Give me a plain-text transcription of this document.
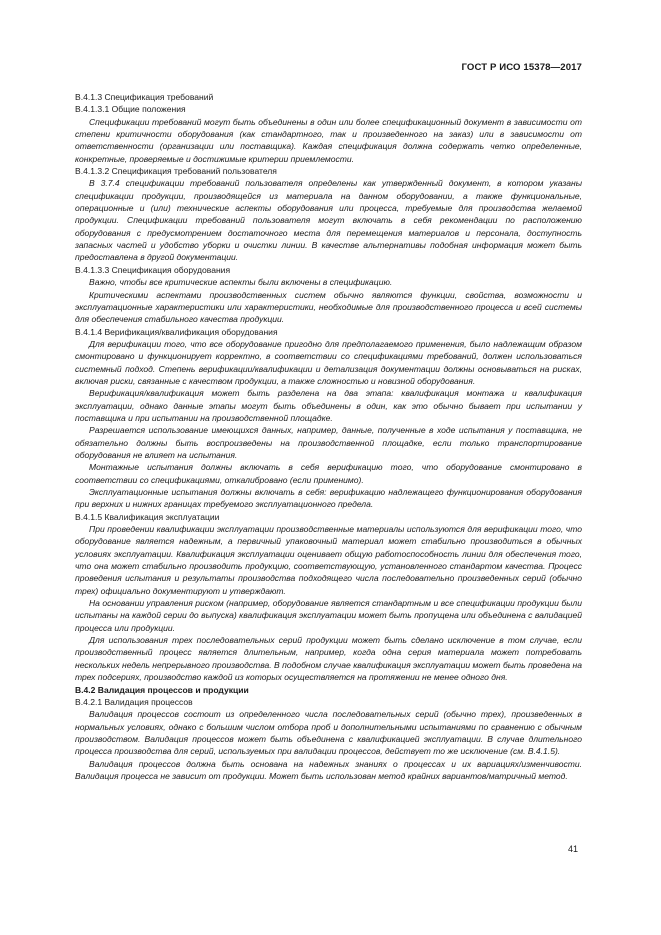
ГОСТ Р ИСО 15378—2017
В.4.1.3 Спецификация требований
В.4.1.3.1 Общие положения

Спецификации требований могут быть объединены в один или более спецификационный документ в зависимости от степени критичности оборудования (как стандартного, так и произведенного на заказ) или в зависимости от ответственности (организации или поставщика). Каждая спецификация должна содержать четко определенные, конкретные, проверяемые и достижимые критерии приемлемости.

В.4.1.3.2 Спецификация требований пользователя

В 3.7.4 спецификации требований пользователя определены как утвержденный документ, в котором указаны спецификации продукции, производящейся из материала на данном оборудовании, а также функциональные, операционные и (или) технические аспекты оборудования или процесса, требуемые для производства желаемой продукции. Спецификации требований пользователя могут включать в себя рекомендации по расположению оборудования с предусмотрением достаточного места для перемещения материалов и персонала, доступность запасных частей и удобство уборки и очистки линии. В качестве альтернативы подобная информация может быть предоставлена в другой документации.

В.4.1.3.3 Спецификация оборудования

Важно, чтобы все критические аспекты были включены в спецификацию.

Критическими аспектами производственных систем обычно являются функции, свойства, возможности и эксплуатационные характеристики или характеристики, необходимые для производственного процесса и всей системы для обеспечения стабильного качества продукции.

В.4.1.4 Верификация/квалификация оборудования

Для верификации того, что все оборудование пригодно для предполагаемого применения, было надлежащим образом смонтировано и функционирует корректно, в соответствии со спецификациями требований, должен использоваться системный подход. Степень верификации/квалификации и детализация документации должны основываться на рисках, включая риски, связанные с качеством продукции, а также сложностью и новизной оборудования.

Верификация/квалификация может быть разделена на два этапа: квалификация монтажа и квалификация эксплуатации, однако данные этапы могут быть объединены в один, как это обычно бывает при испытании у поставщика и при испытании на производственной площадке.

Разрешается использование имеющихся данных, например, данные, полученные в ходе испытания у поставщика, не обязательно должны быть воспроизведены на производственной площадке, если только транспортирование оборудования не влияет на испытания.

Монтажные испытания должны включать в себя верификацию того, что оборудование смонтировано в соответствии со спецификациями, откалибровано (если применимо).

Эксплуатационные испытания должны включать в себя: верификацию надлежащего функционирования оборудования при верхних и нижних границах требуемого эксплуатационного предела.

В.4.1.5 Квалификация эксплуатации

При проведении квалификации эксплуатации производственные материалы используются для верификации того, что оборудование является надежным, а первичный упаковочный материал может стабильно производиться в обычных условиях эксплуатации. Квалификация эксплуатации оценивает общую работоспособность линии для обеспечения того, что она может стабильно производить продукцию, соответствующую, установленного стандартом качества. Процесс проведения испытания и результаты производства подходящего числа последовательно произведенных серий (обычно трех) официально документируют и утверждают.

На основании управления риском (например, оборудование является стандартным и все спецификации продукции были испытаны на каждой серии до выпуска) квалификация эксплуатации может быть пропущена или объединена с валидацией процесса или продукции.

Для использования трех последовательных серий продукции может быть сделано исключение в том случае, если производственный процесс является длительным, например, когда одна серия материала может потребовать нескольких недель непрерывного производства. В подобном случае квалификация эксплуатации может быть проведена на трех подсериях, производство каждой из которых осуществляется на протяжении не менее одного дня.

В.4.2 Валидация процессов и продукции
В.4.2.1 Валидация процессов

Валидация процессов состоит из определенного числа последовательных серий (обычно трех), произведенных в нормальных условиях, однако с большим числом отбора проб и дополнительными испытаниями по сравнению с обычным производством. Валидация процессов может быть объединена с квалификацией эксплуатации. В случае длительного процесса производства для серий, используемых при валидации процессов, действует то же исключение (см. В.4.1.5).

Валидация процессов должна быть основана на надежных знаниях о процессах и их вариациях/изменчивости. Валидация процесса не зависит от продукции. Может быть использован метод крайних вариантов/матричный метод.

41
